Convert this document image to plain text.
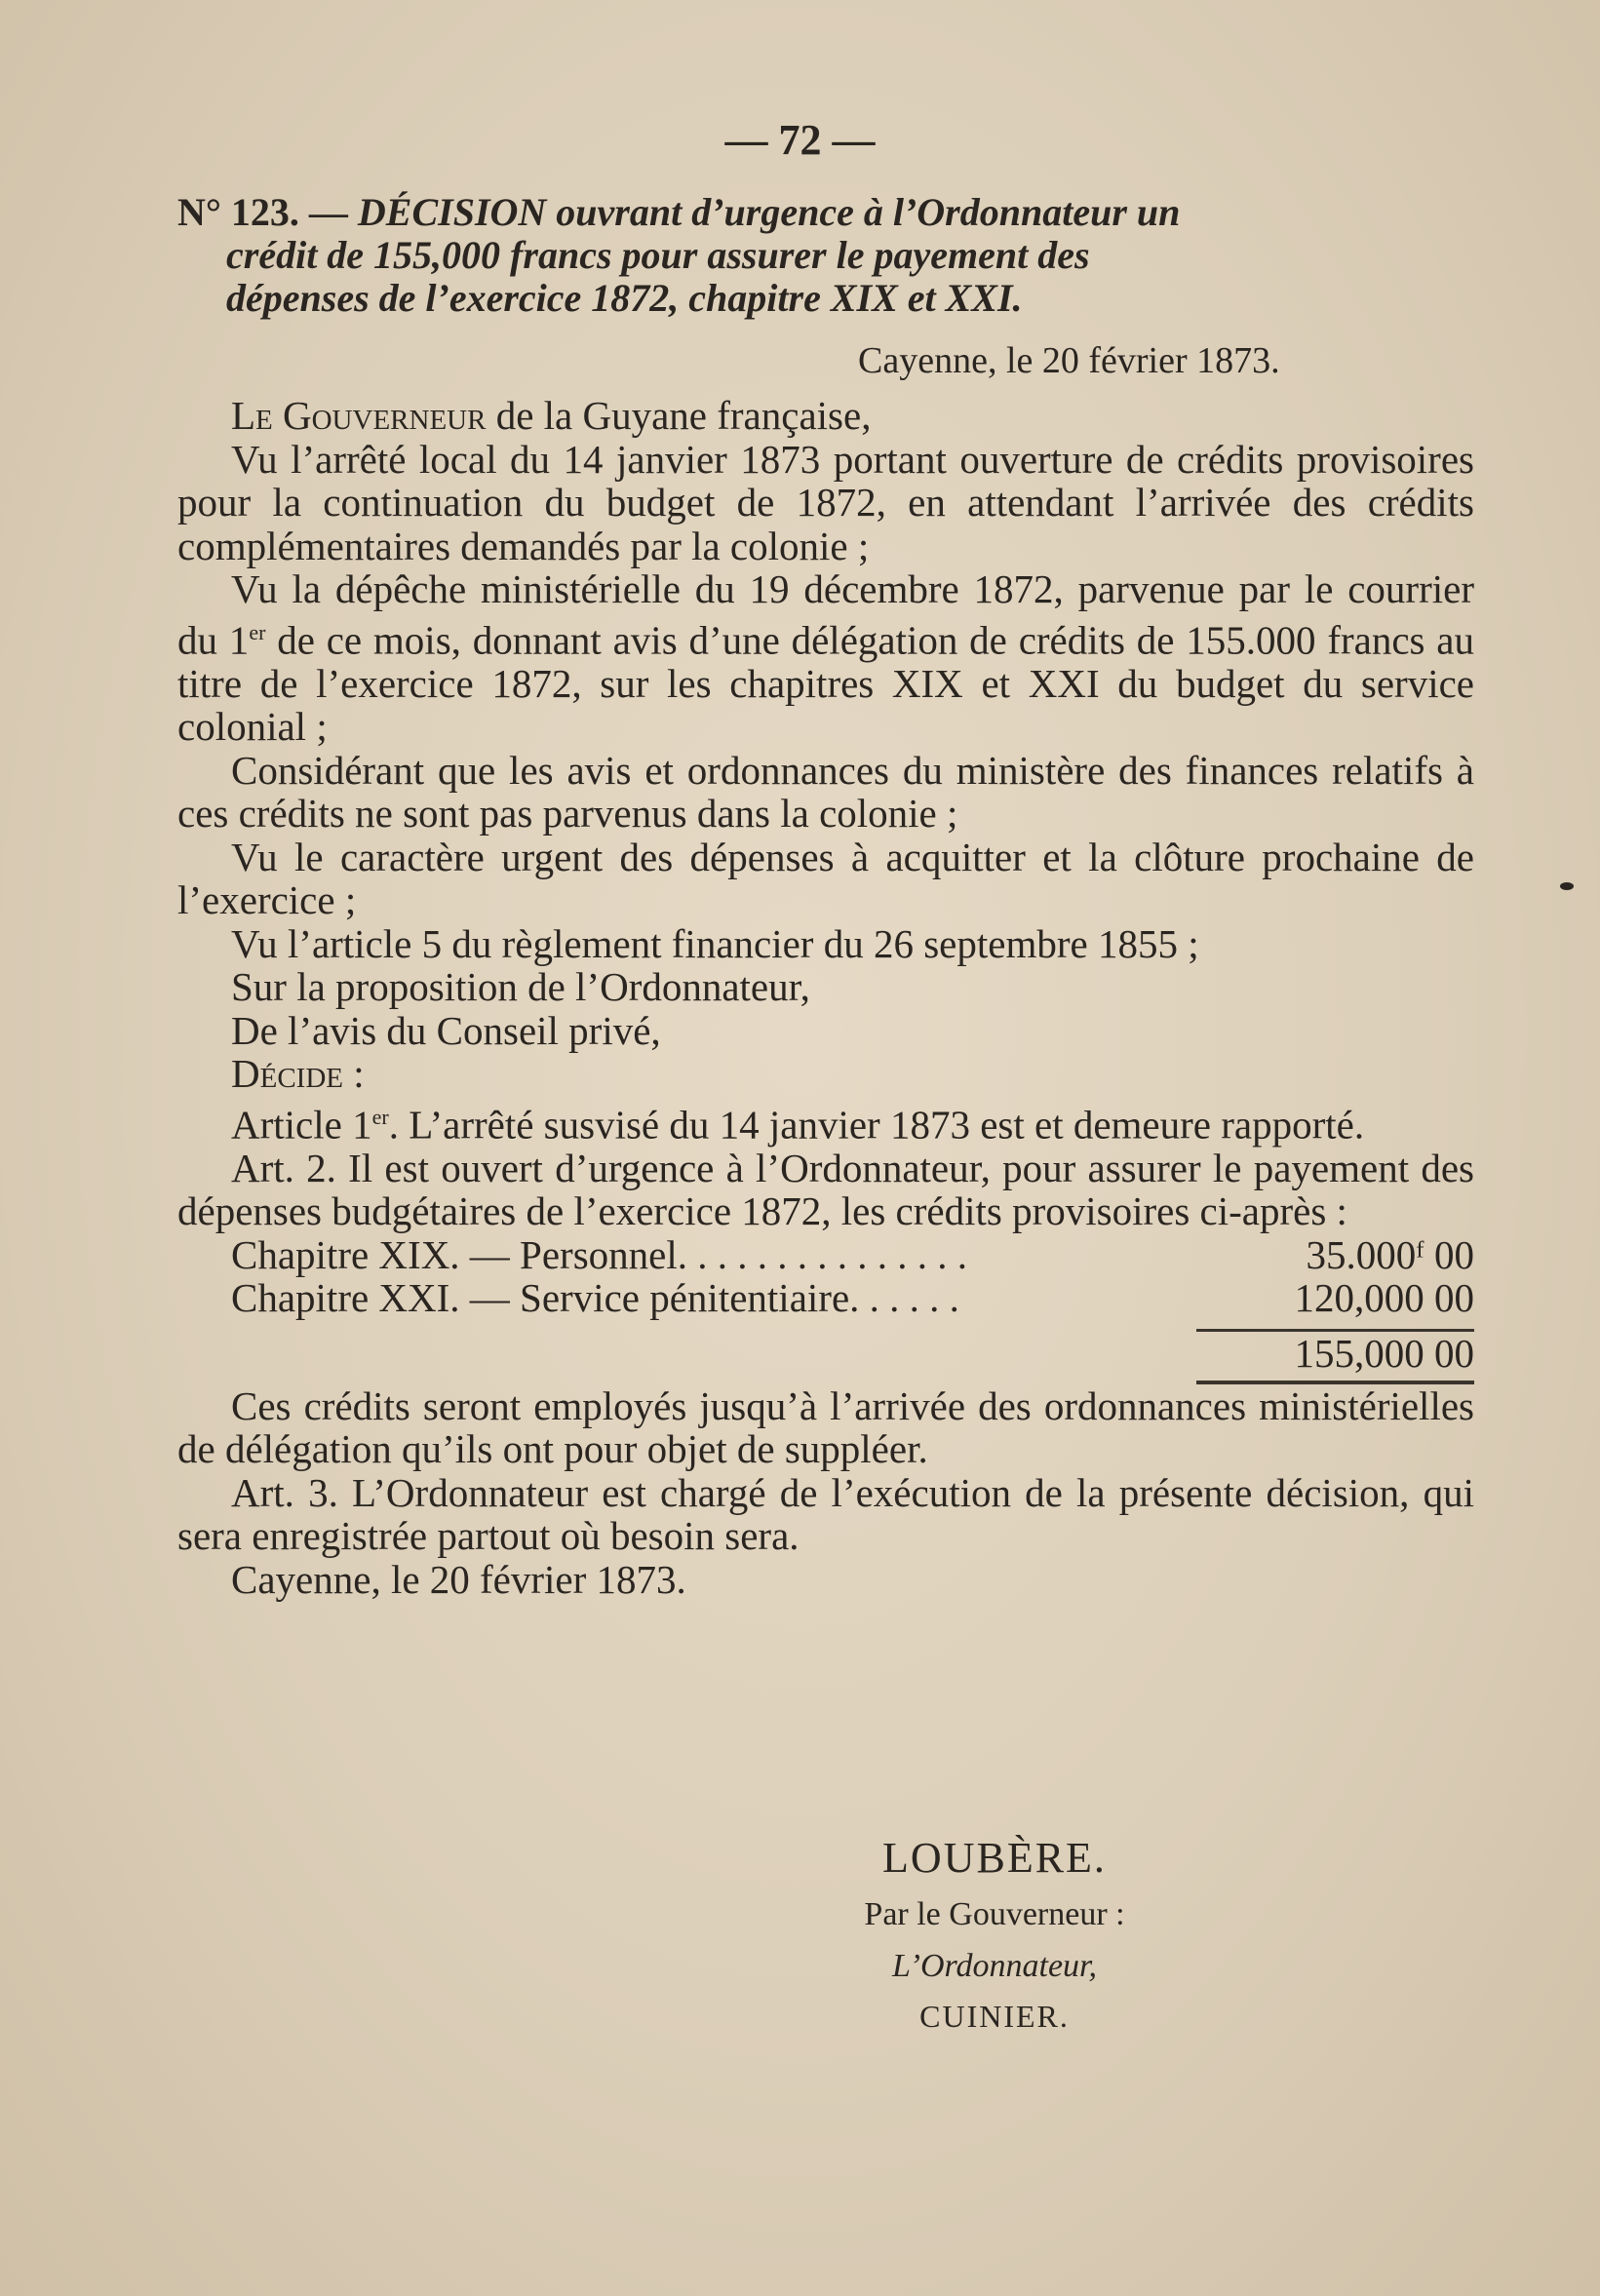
— 72 —
N° 123. — DÉCISION ouvrant d’urgence à l’Ordonnateur un
crédit de 155,000 francs pour assurer le payement des
dépenses de l’exercice 1872, chapitre XIX et XXI.
Cayenne, le 20 février 1873.

Le Gouverneur de la Guyane française,

Vu l’arrêté local du 14 janvier 1873 portant ouverture de crédits provisoires pour la continuation du budget de 1872, en attendant l’arrivée des crédits complémentaires demandés par la colonie ;

Vu la dépêche ministérielle du 19 décembre 1872, parvenue par le courrier du 1er de ce mois, donnant avis d’une délégation de crédits de 155.000 francs au titre de l’exercice 1872, sur les chapitres XIX et XXI du budget du service colonial ;

Considérant que les avis et ordonnances du ministère des finances relatifs à ces crédits ne sont pas parvenus dans la colonie ;

Vu le caractère urgent des dépenses à acquitter et la clôture prochaine de l’exercice ;

Vu l’article 5 du règlement financier du 26 septembre 1855 ;

Sur la proposition de l’Ordonnateur,

De l’avis du Conseil privé,

Décide :

Article 1er. L’arrêté susvisé du 14 janvier 1873 est et demeure rapporté.

Art. 2. Il est ouvert d’urgence à l’Ordonnateur, pour assurer le payement des dépenses budgétaires de l’exercice 1872, les crédits provisoires ci-après :

Chapitre XIX. — Personnel. . . . . . . . . . . . . . .	35.000ᶠ 00
Chapitre XXI. — Service pénitentiaire. . . . . .	120,000 00
155,000 00

Ces crédits seront employés jusqu’à l’arrivée des ordonnances ministérielles de délégation qu’ils ont pour objet de suppléer.

Art. 3. L’Ordonnateur est chargé de l’exécution de la présente décision, qui sera enregistrée partout où besoin sera.

Cayenne, le 20 février 1873.

LOUBÈRE.
Par le Gouverneur :
L’Ordonnateur,
CUINIER.
